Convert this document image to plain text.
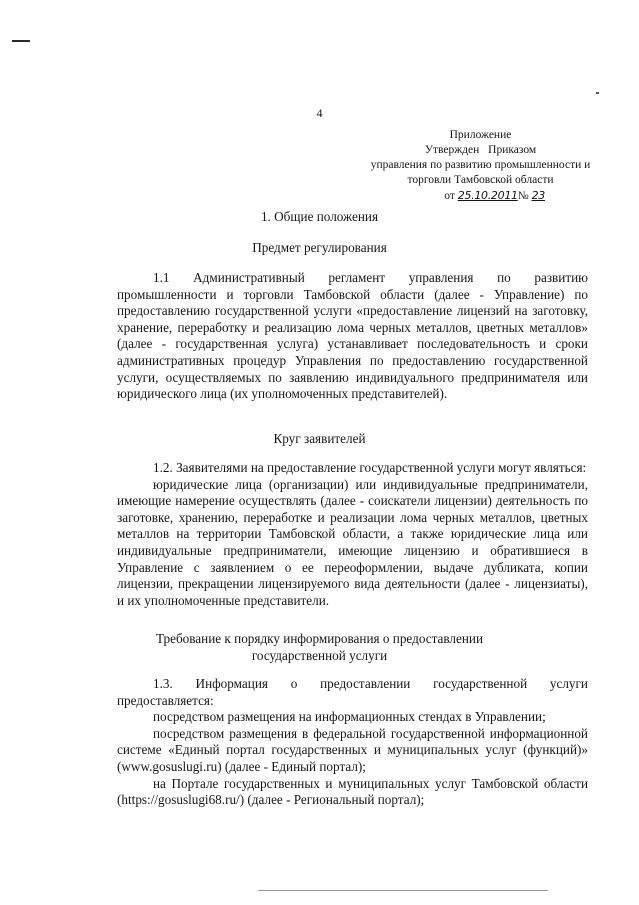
4
Приложение
Утвержден Приказом
управления по развитию промышленности и
торговли Тамбовской области
от 25.10.2011№ 23
1. Общие положения
Предмет регулирования

1.1 Административный регламент управления по развитию промышленности и торговли Тамбовской области (далее - Управление) по предоставлению государственной услуги «предоставление лицензий на заготовку, хранение, переработку и реализацию лома черных металлов, цветных металлов» (далее - государственная услуга) устанавливает последовательность и сроки административных процедур Управления по предоставлению государственной услуги, осуществляемых по заявлению индивидуального предпринимателя или юридического лица (их уполномоченных представителей).

Круг заявителей

1.2. Заявителями на предоставление государственной услуги могут являться:

юридические лица (организации) или индивидуальные предприниматели, имеющие намерение осуществлять (далее - соискатели лицензии) деятельность по заготовке, хранению, переработке и реализации лома черных металлов, цветных металлов на территории Тамбовской области, а также юридические лица или индивидуальные предприниматели, имеющие лицензию и обратившиеся в Управление с заявлением о ее переоформлении, выдаче дубликата, копии лицензии, прекращении лицензируемого вида деятельности (далее - лицензиаты), и их уполномоченные представители.

Требование к порядку информирования о предоставлении
государственной услуги

1.3. Информация о предоставлении государственной услуги предоставляется:

посредством размещения на информационных стендах в Управлении;

посредством размещения в федеральной государственной информационной системе «Единый портал государственных и муниципальных услуг (функций)» (www.gosuslugi.ru) (далее - Единый портал);

на Портале государственных и муниципальных услуг Тамбовской области (https://gosuslugi68.ru/) (далее - Региональный портал);
